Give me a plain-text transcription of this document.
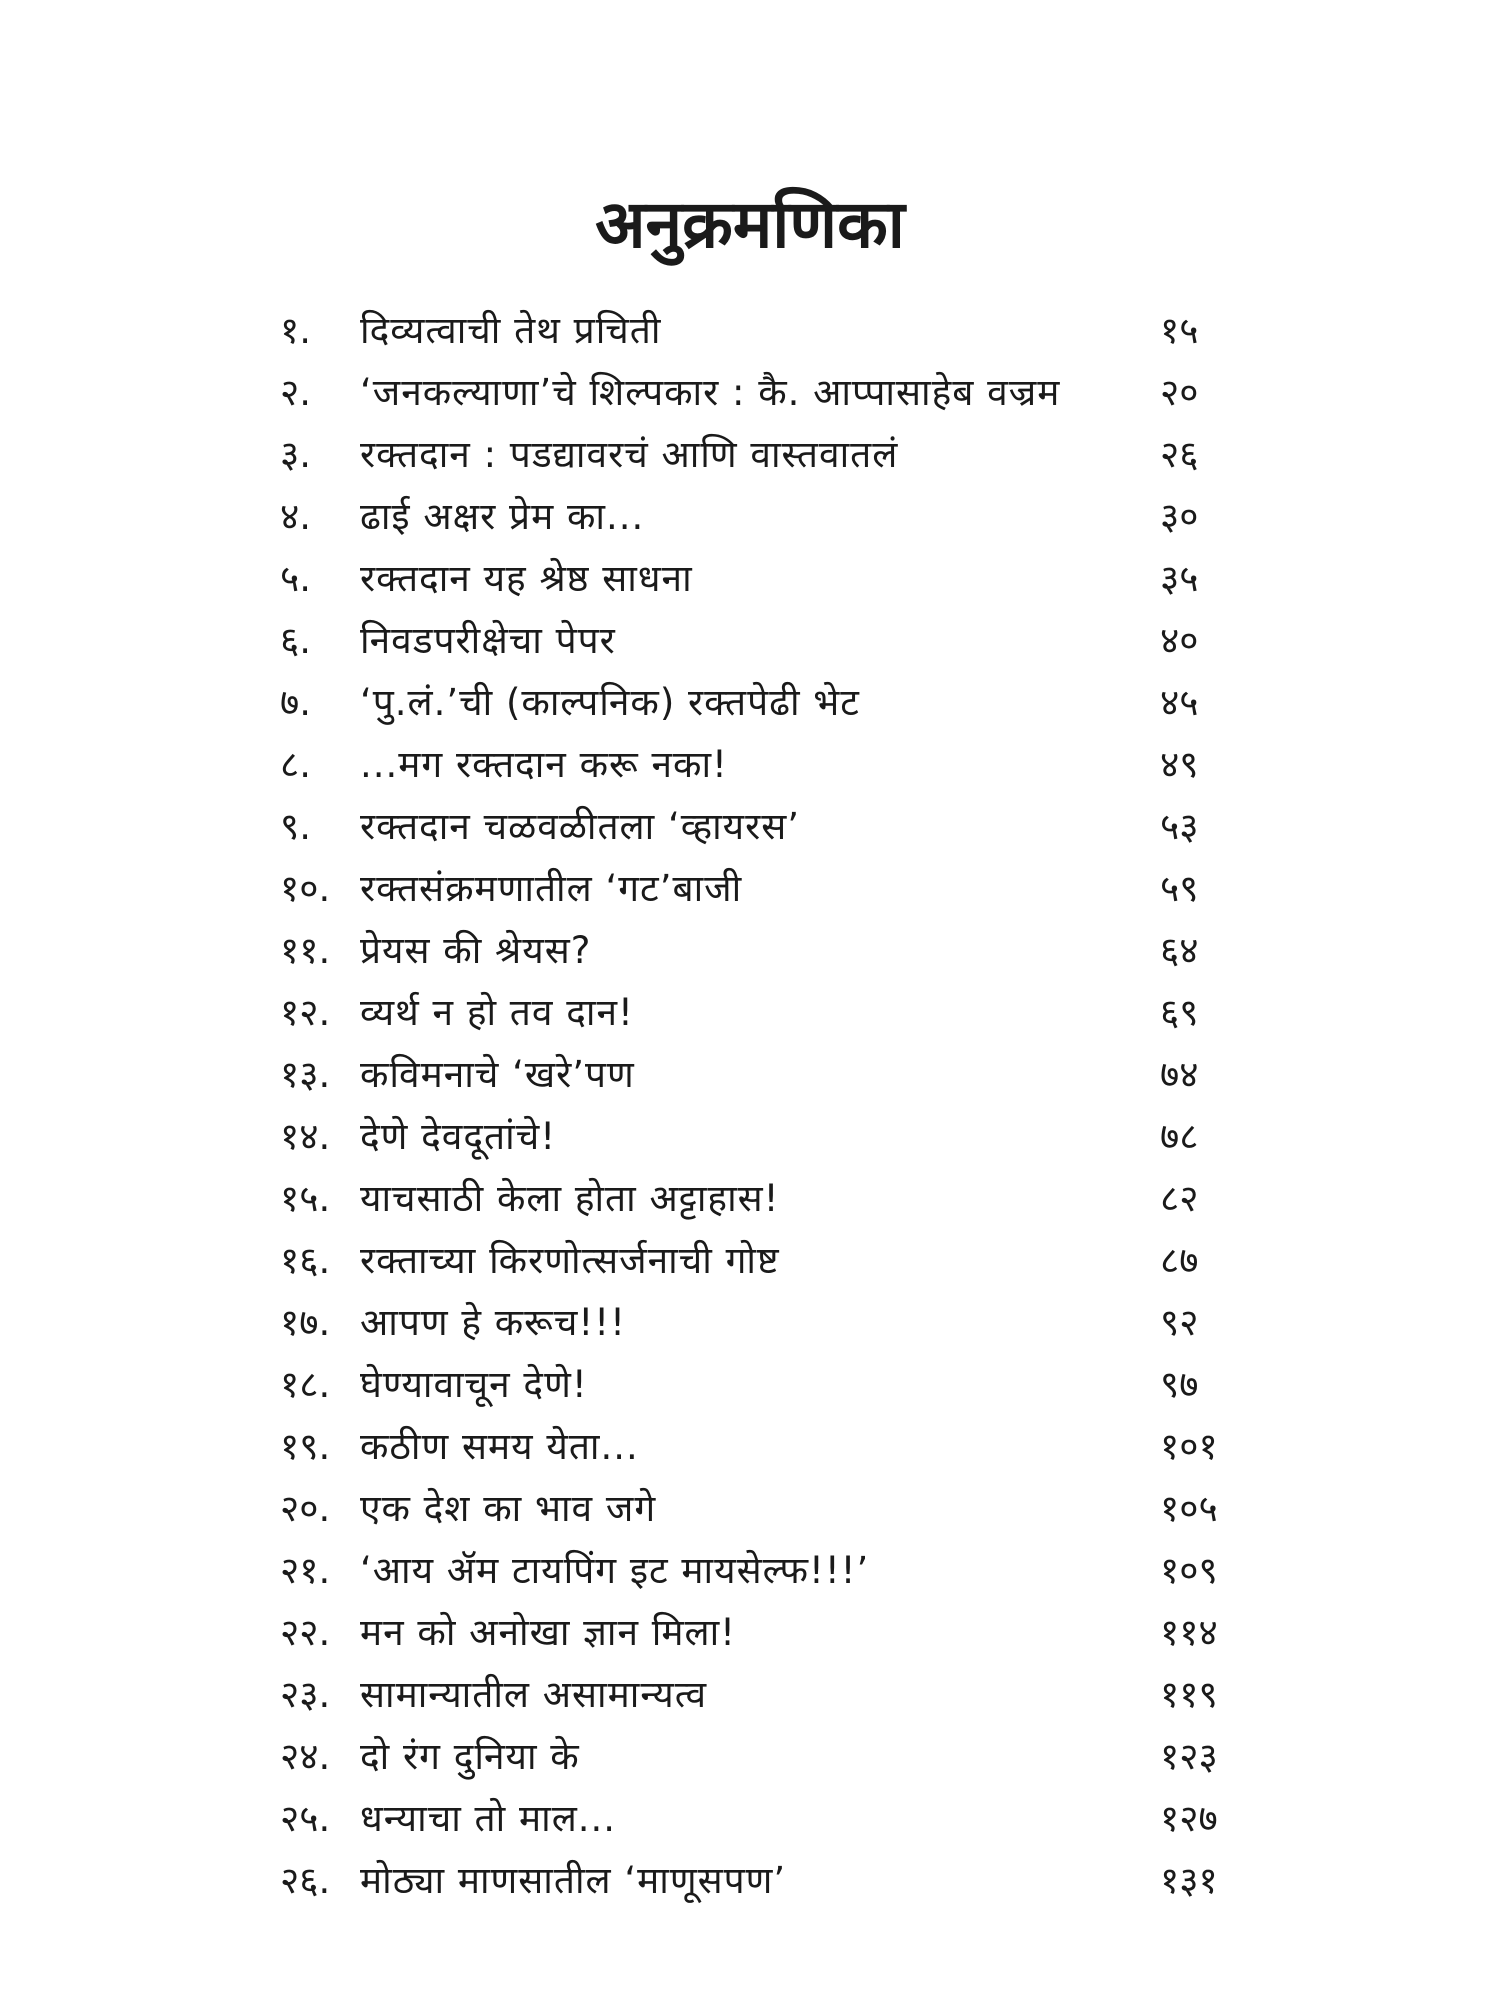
अनुक्रमणिका
१. दिव्यत्वाची तेथ प्रचिती	१५
२. ‘जनकल्याणा’चे शिल्पकार : कै. आप्पासाहेब वज्रम	२०
३. रक्तदान : पडद्यावरचं आणि वास्तवातलं	२६
४. ढाई अक्षर प्रेम का...	३०
५. रक्तदान यह श्रेष्ठ साधना	३५
६. निवडपरीक्षेचा पेपर	४०
७. ‘पु.लं.’ची (काल्पनिक) रक्तपेढी भेट	४५
८. ...मग रक्तदान करू नका!	४९
९. रक्तदान चळवळीतला ‘व्हायरस’	५३
१०. रक्तसंक्रमणातील ‘गट’बाजी	५९
११. प्रेयस की श्रेयस?	६४
१२. व्यर्थ न हो तव दान!	६९
१३. कविमनाचे ‘खरे’पण	७४
१४. देणे देवदूतांचे!	७८
१५. याचसाठी केला होता अट्टाहास!	८२
१६. रक्ताच्या किरणोत्सर्जनाची गोष्ट	८७
१७. आपण हे करूच!!!	९२
१८. घेण्यावाचून देणे!	९७
१९. कठीण समय येता...	१०१
२०. एक देश का भाव जगे	१०५
२१. ‘आय ॲम टायपिंग इट मायसेल्फ!!!’	१०९
२२. मन को अनोखा ज्ञान मिला!	११४
२३. सामान्यातील असामान्यत्व	११९
२४. दो रंग दुनिया के	१२३
२५. धन्याचा तो माल...	१२७
२६. मोठ्या माणसातील ‘माणूसपण’	१३१
